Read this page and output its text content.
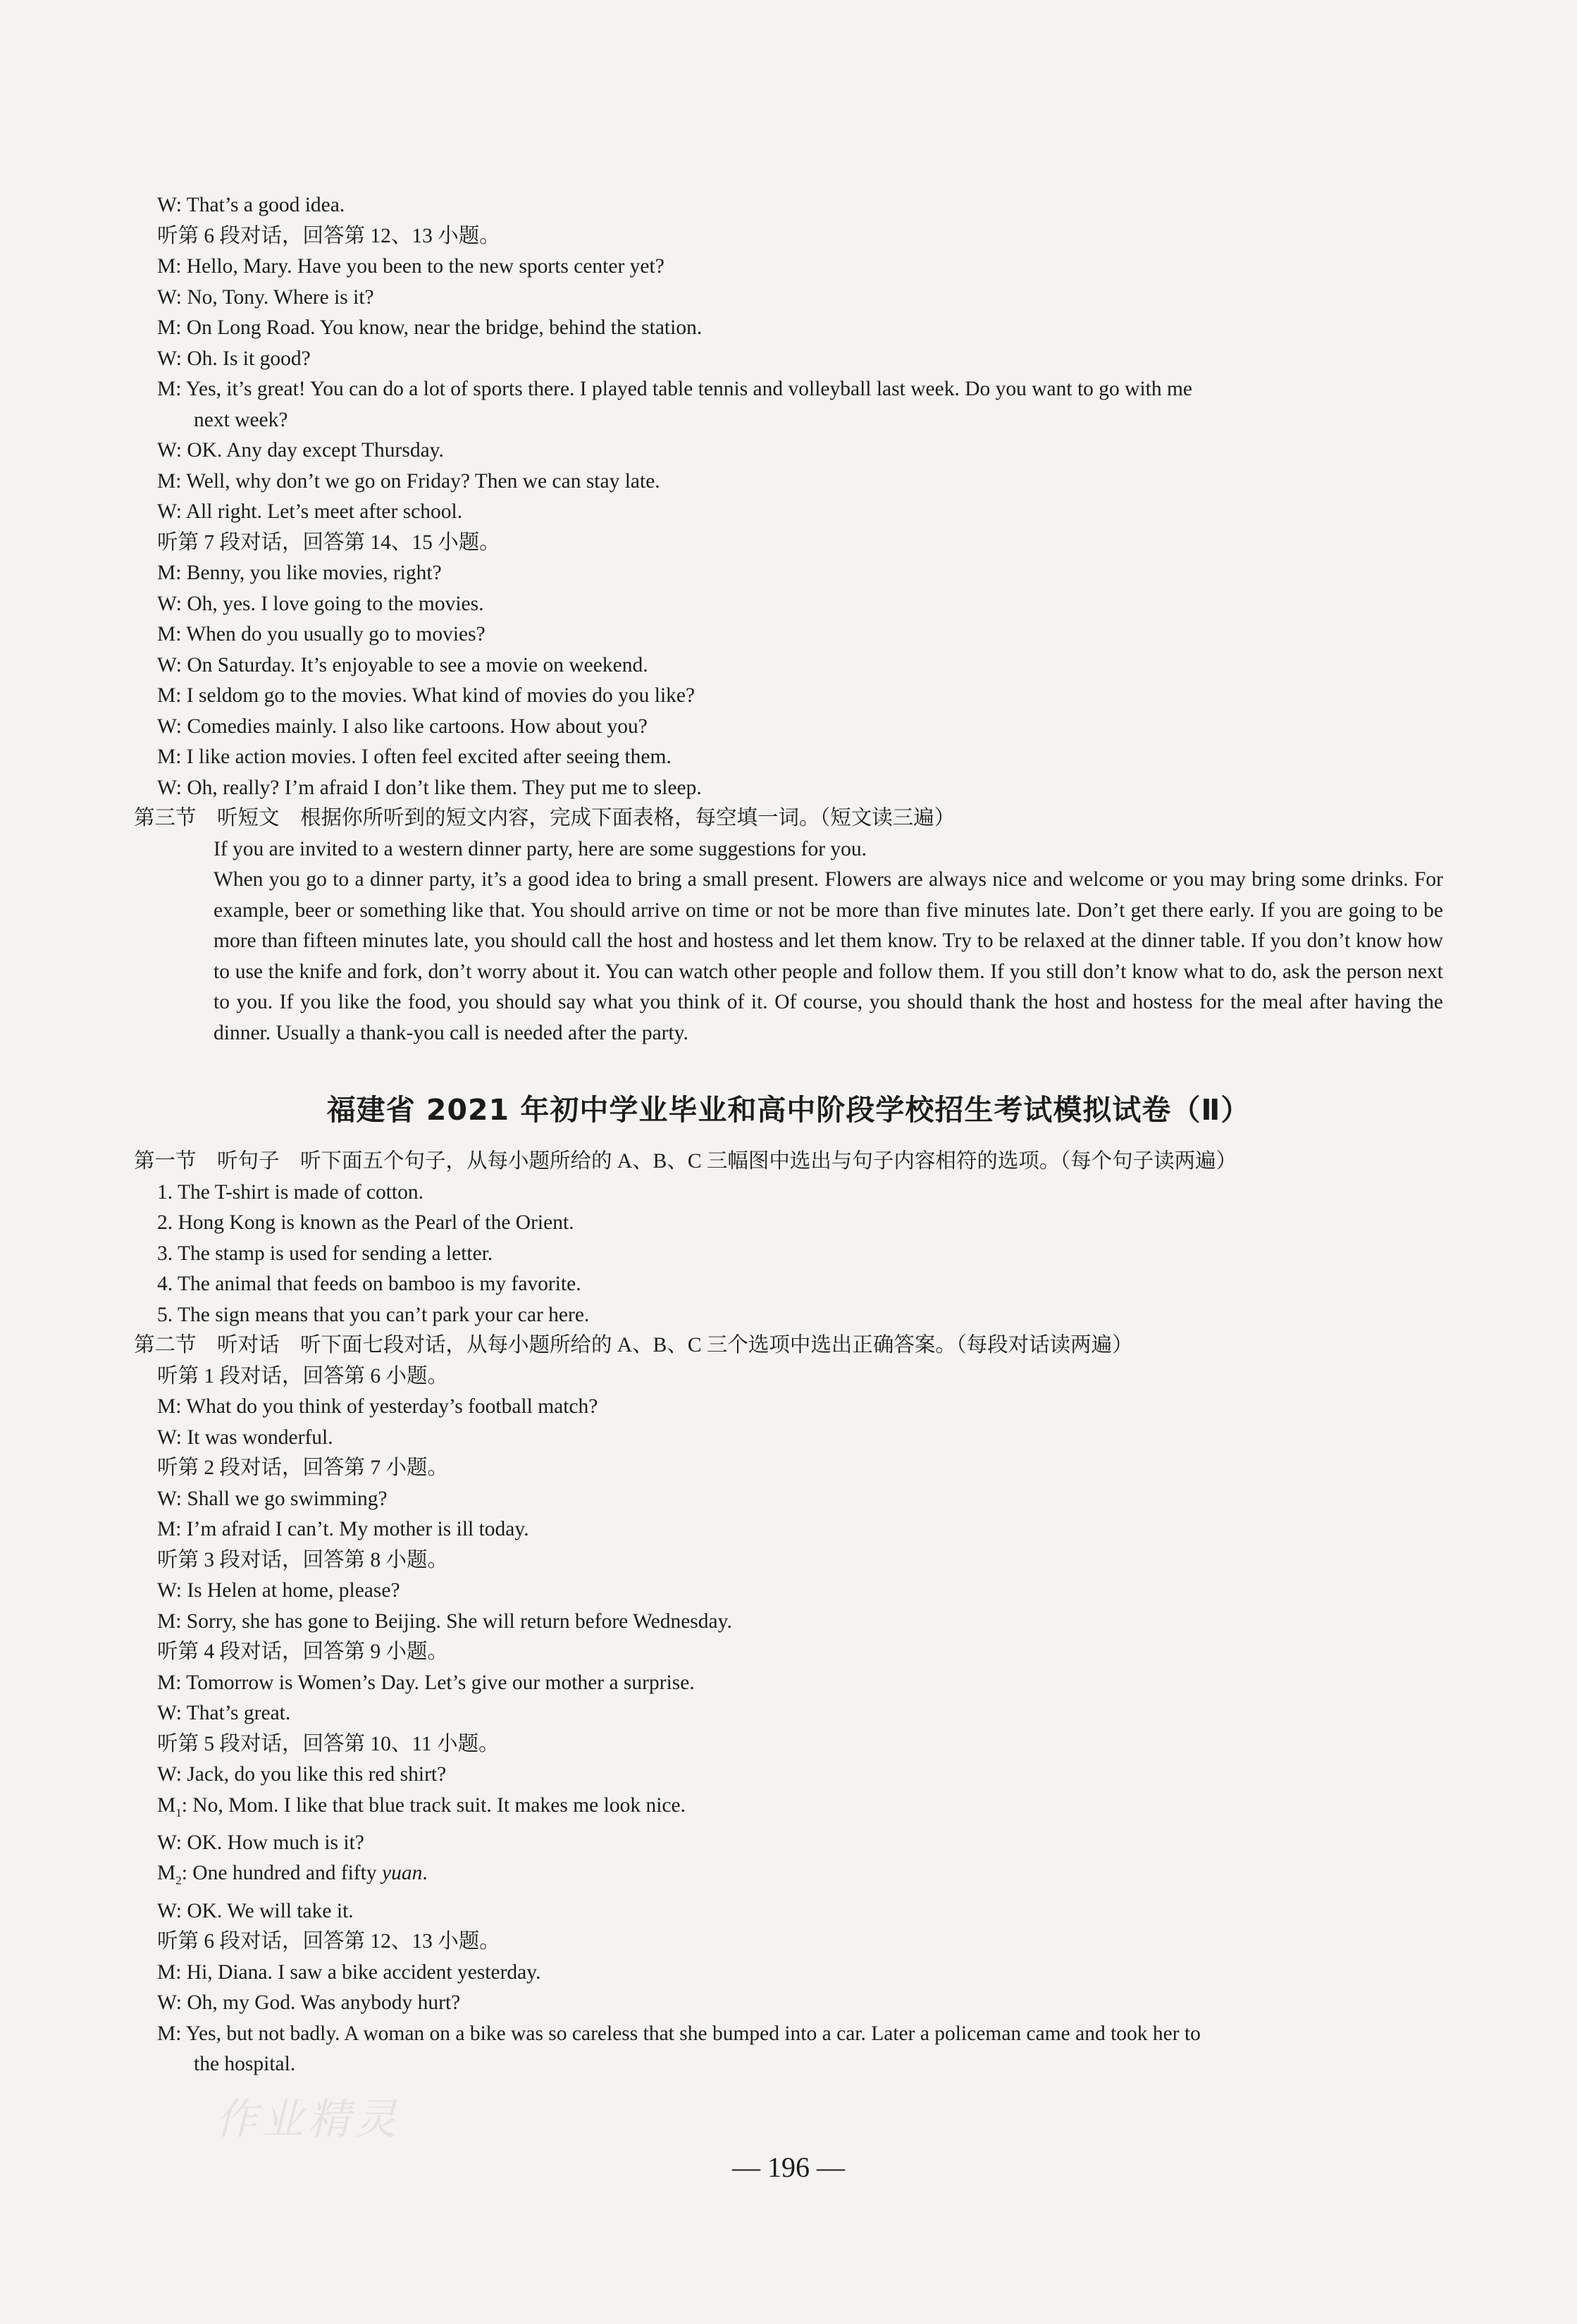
W: That’s a good idea.
听第 6 段对话，回答第 12、13 小题。
M: Hello, Mary. Have you been to the new sports center yet?
W: No, Tony. Where is it?
M: On Long Road. You know, near the bridge, behind the station.
W: Oh. Is it good?
M: Yes, it’s great! You can do a lot of sports there. I played table tennis and volleyball last week. Do you want to go with me
next week?
W: OK. Any day except Thursday.
M: Well, why don’t we go on Friday? Then we can stay late.
W: All right. Let’s meet after school.
听第 7 段对话，回答第 14、15 小题。
M: Benny, you like movies, right?
W: Oh, yes. I love going to the movies.
M: When do you usually go to movies?
W: On Saturday. It’s enjoyable to see a movie on weekend.
M: I seldom go to the movies. What kind of movies do you like?
W: Comedies mainly. I also like cartoons. How about you?
M: I like action movies. I often feel excited after seeing them.
W: Oh, really? I’m afraid I don’t like them. They put me to sleep.
第三节　听短文　根据你所听到的短文内容，完成下面表格，每空填一词。（短文读三遍）
If you are invited to a western dinner party, here are some suggestions for you.
When you go to a dinner party, it’s a good idea to bring a small present. Flowers are always nice and welcome or you may bring some drinks. For example, beer or something like that. You should arrive on time or not be more than five minutes late. Don’t get there early. If you are going to be more than fifteen minutes late, you should call the host and hostess and let them know. Try to be relaxed at the dinner table. If you don’t know how to use the knife and fork, don’t worry about it. You can watch other people and follow them. If you still don’t know what to do, ask the person next to you. If you like the food, you should say what you think of it. Of course, you should thank the host and hostess for the meal after having the dinner. Usually a thank-you call is needed after the party.
福建省 2021 年初中学业毕业和高中阶段学校招生考试模拟试卷（Ⅱ）
第一节　听句子　听下面五个句子，从每小题所给的 A、B、C 三幅图中选出与句子内容相符的选项。（每个句子读两遍）
1. The T-shirt is made of cotton.
2. Hong Kong is known as the Pearl of the Orient.
3. The stamp is used for sending a letter.
4. The animal that feeds on bamboo is my favorite.
5. The sign means that you can’t park your car here.
第二节　听对话　听下面七段对话，从每小题所给的 A、B、C 三个选项中选出正确答案。（每段对话读两遍）
听第 1 段对话，回答第 6 小题。
M: What do you think of yesterday’s football match?
W: It was wonderful.
听第 2 段对话，回答第 7 小题。
W: Shall we go swimming?
M: I’m afraid I can’t. My mother is ill today.
听第 3 段对话，回答第 8 小题。
W: Is Helen at home, please?
M: Sorry, she has gone to Beijing. She will return before Wednesday.
听第 4 段对话，回答第 9 小题。
M: Tomorrow is Women’s Day. Let’s give our mother a surprise.
W: That’s great.
听第 5 段对话，回答第 10、11 小题。
W: Jack, do you like this red shirt?
$M_1$: No, Mom. I like that blue track suit. It makes me look nice.
W: OK. How much is it?
$M_2$: One hundred and fifty yuan.
W: OK. We will take it.
听第 6 段对话，回答第 12、13 小题。
M: Hi, Diana. I saw a bike accident yesterday.
W: Oh, my God. Was anybody hurt?
M: Yes, but not badly. A woman on a bike was so careless that she bumped into a car. Later a policeman came and took her to
the hospital.
作业精灵
— 196 —
